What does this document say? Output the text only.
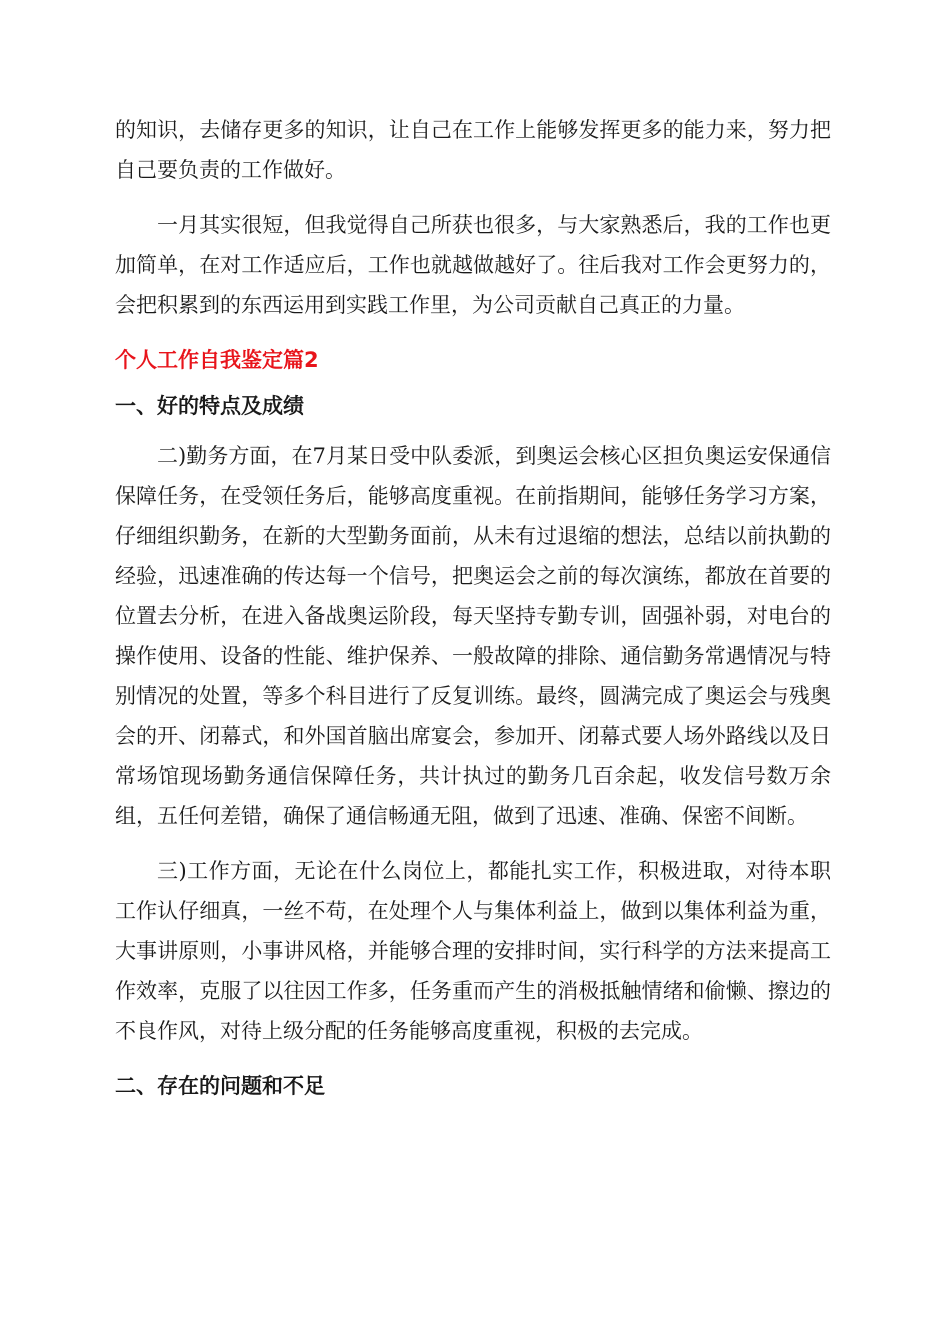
的知识，去储存更多的知识，让自己在工作上能够发挥更多的能力来，努力把自己要负责的工作做好。

一月其实很短，但我觉得自己所获也很多，与大家熟悉后，我的工作也更加简单，在对工作适应后，工作也就越做越好了。往后我对工作会更努力的，会把积累到的东西运用到实践工作里，为公司贡献自己真正的力量。

个人工作自我鉴定篇2
一、好的特点及成绩

二)勤务方面，在7月某日受中队委派，到奥运会核心区担负奥运安保通信保障任务，在受领任务后，能够高度重视。在前指期间，能够任务学习方案，仔细组织勤务，在新的大型勤务面前，从未有过退缩的想法，总结以前执勤的经验，迅速准确的传达每一个信号，把奥运会之前的每次演练，都放在首要的位置去分析，在进入备战奥运阶段，每天坚持专勤专训，固强补弱，对电台的操作使用、设备的性能、维护保养、一般故障的排除、通信勤务常遇情况与特别情况的处置，等多个科目进行了反复训练。最终，圆满完成了奥运会与残奥会的开、闭幕式，和外国首脑出席宴会，参加开、闭幕式要人场外路线以及日常场馆现场勤务通信保障任务，共计执过的勤务几百余起，收发信号数万余组，五任何差错，确保了通信畅通无阻，做到了迅速、准确、保密不间断。

三)工作方面，无论在什么岗位上，都能扎实工作，积极进取，对待本职工作认仔细真，一丝不苟，在处理个人与集体利益上，做到以集体利益为重，大事讲原则，小事讲风格，并能够合理的安排时间，实行科学的方法来提高工作效率，克服了以往因工作多，任务重而产生的消极抵触情绪和偷懒、擦边的不良作风，对待上级分配的任务能够高度重视，积极的去完成。

二、存在的问题和不足
